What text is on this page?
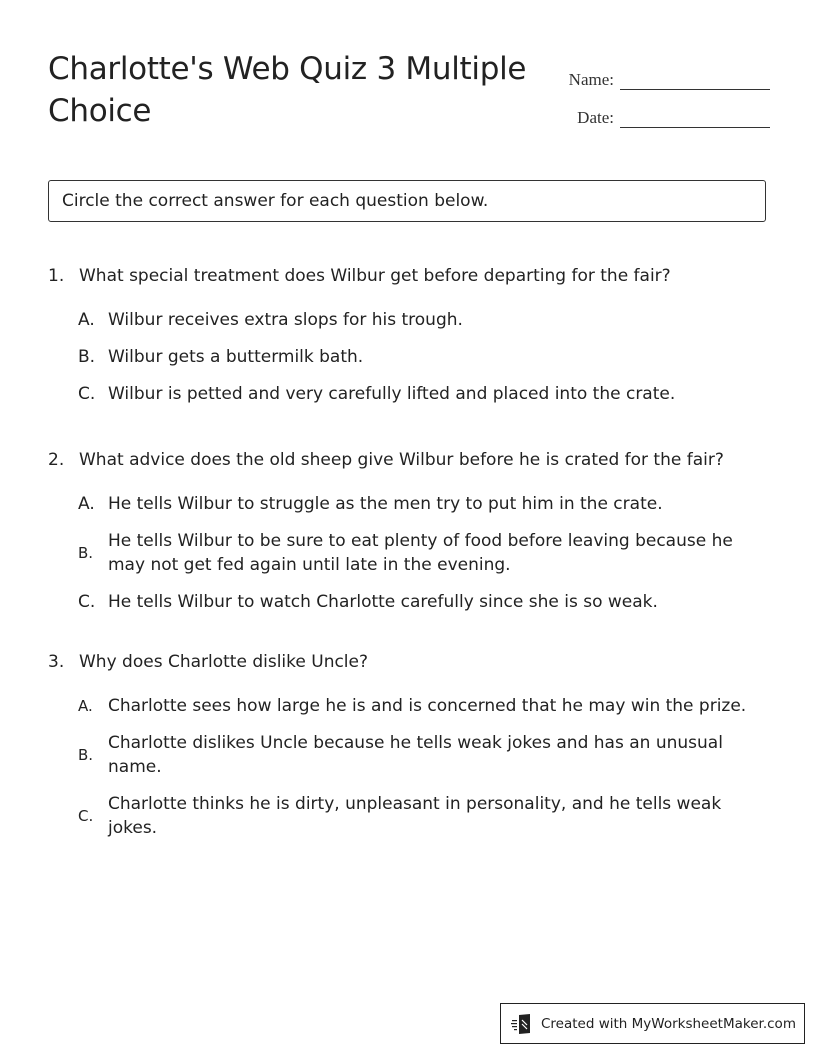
Charlotte's Web Quiz 3 Multiple Choice
Name:
Date:
Circle the correct answer for each question below.
1. What special treatment does Wilbur get before departing for the fair?
A. Wilbur receives extra slops for his trough.
B. Wilbur gets a buttermilk bath.
C. Wilbur is petted and very carefully lifted and placed into the crate.
2. What advice does the old sheep give Wilbur before he is crated for the fair?
A. He tells Wilbur to struggle as the men try to put him in the crate.
B.
He tells Wilbur to be sure to eat plenty of food before leaving because he may not get fed again until late in the evening.
C. He tells Wilbur to watch Charlotte carefully since she is so weak.
3. Why does Charlotte dislike Uncle?
A. Charlotte sees how large he is and is concerned that he may win the prize.
B.
Charlotte dislikes Uncle because he tells weak jokes and has an unusual name.
C.
Charlotte thinks he is dirty, unpleasant in personality, and he tells weak jokes.
Created with MyWorksheetMaker.com
